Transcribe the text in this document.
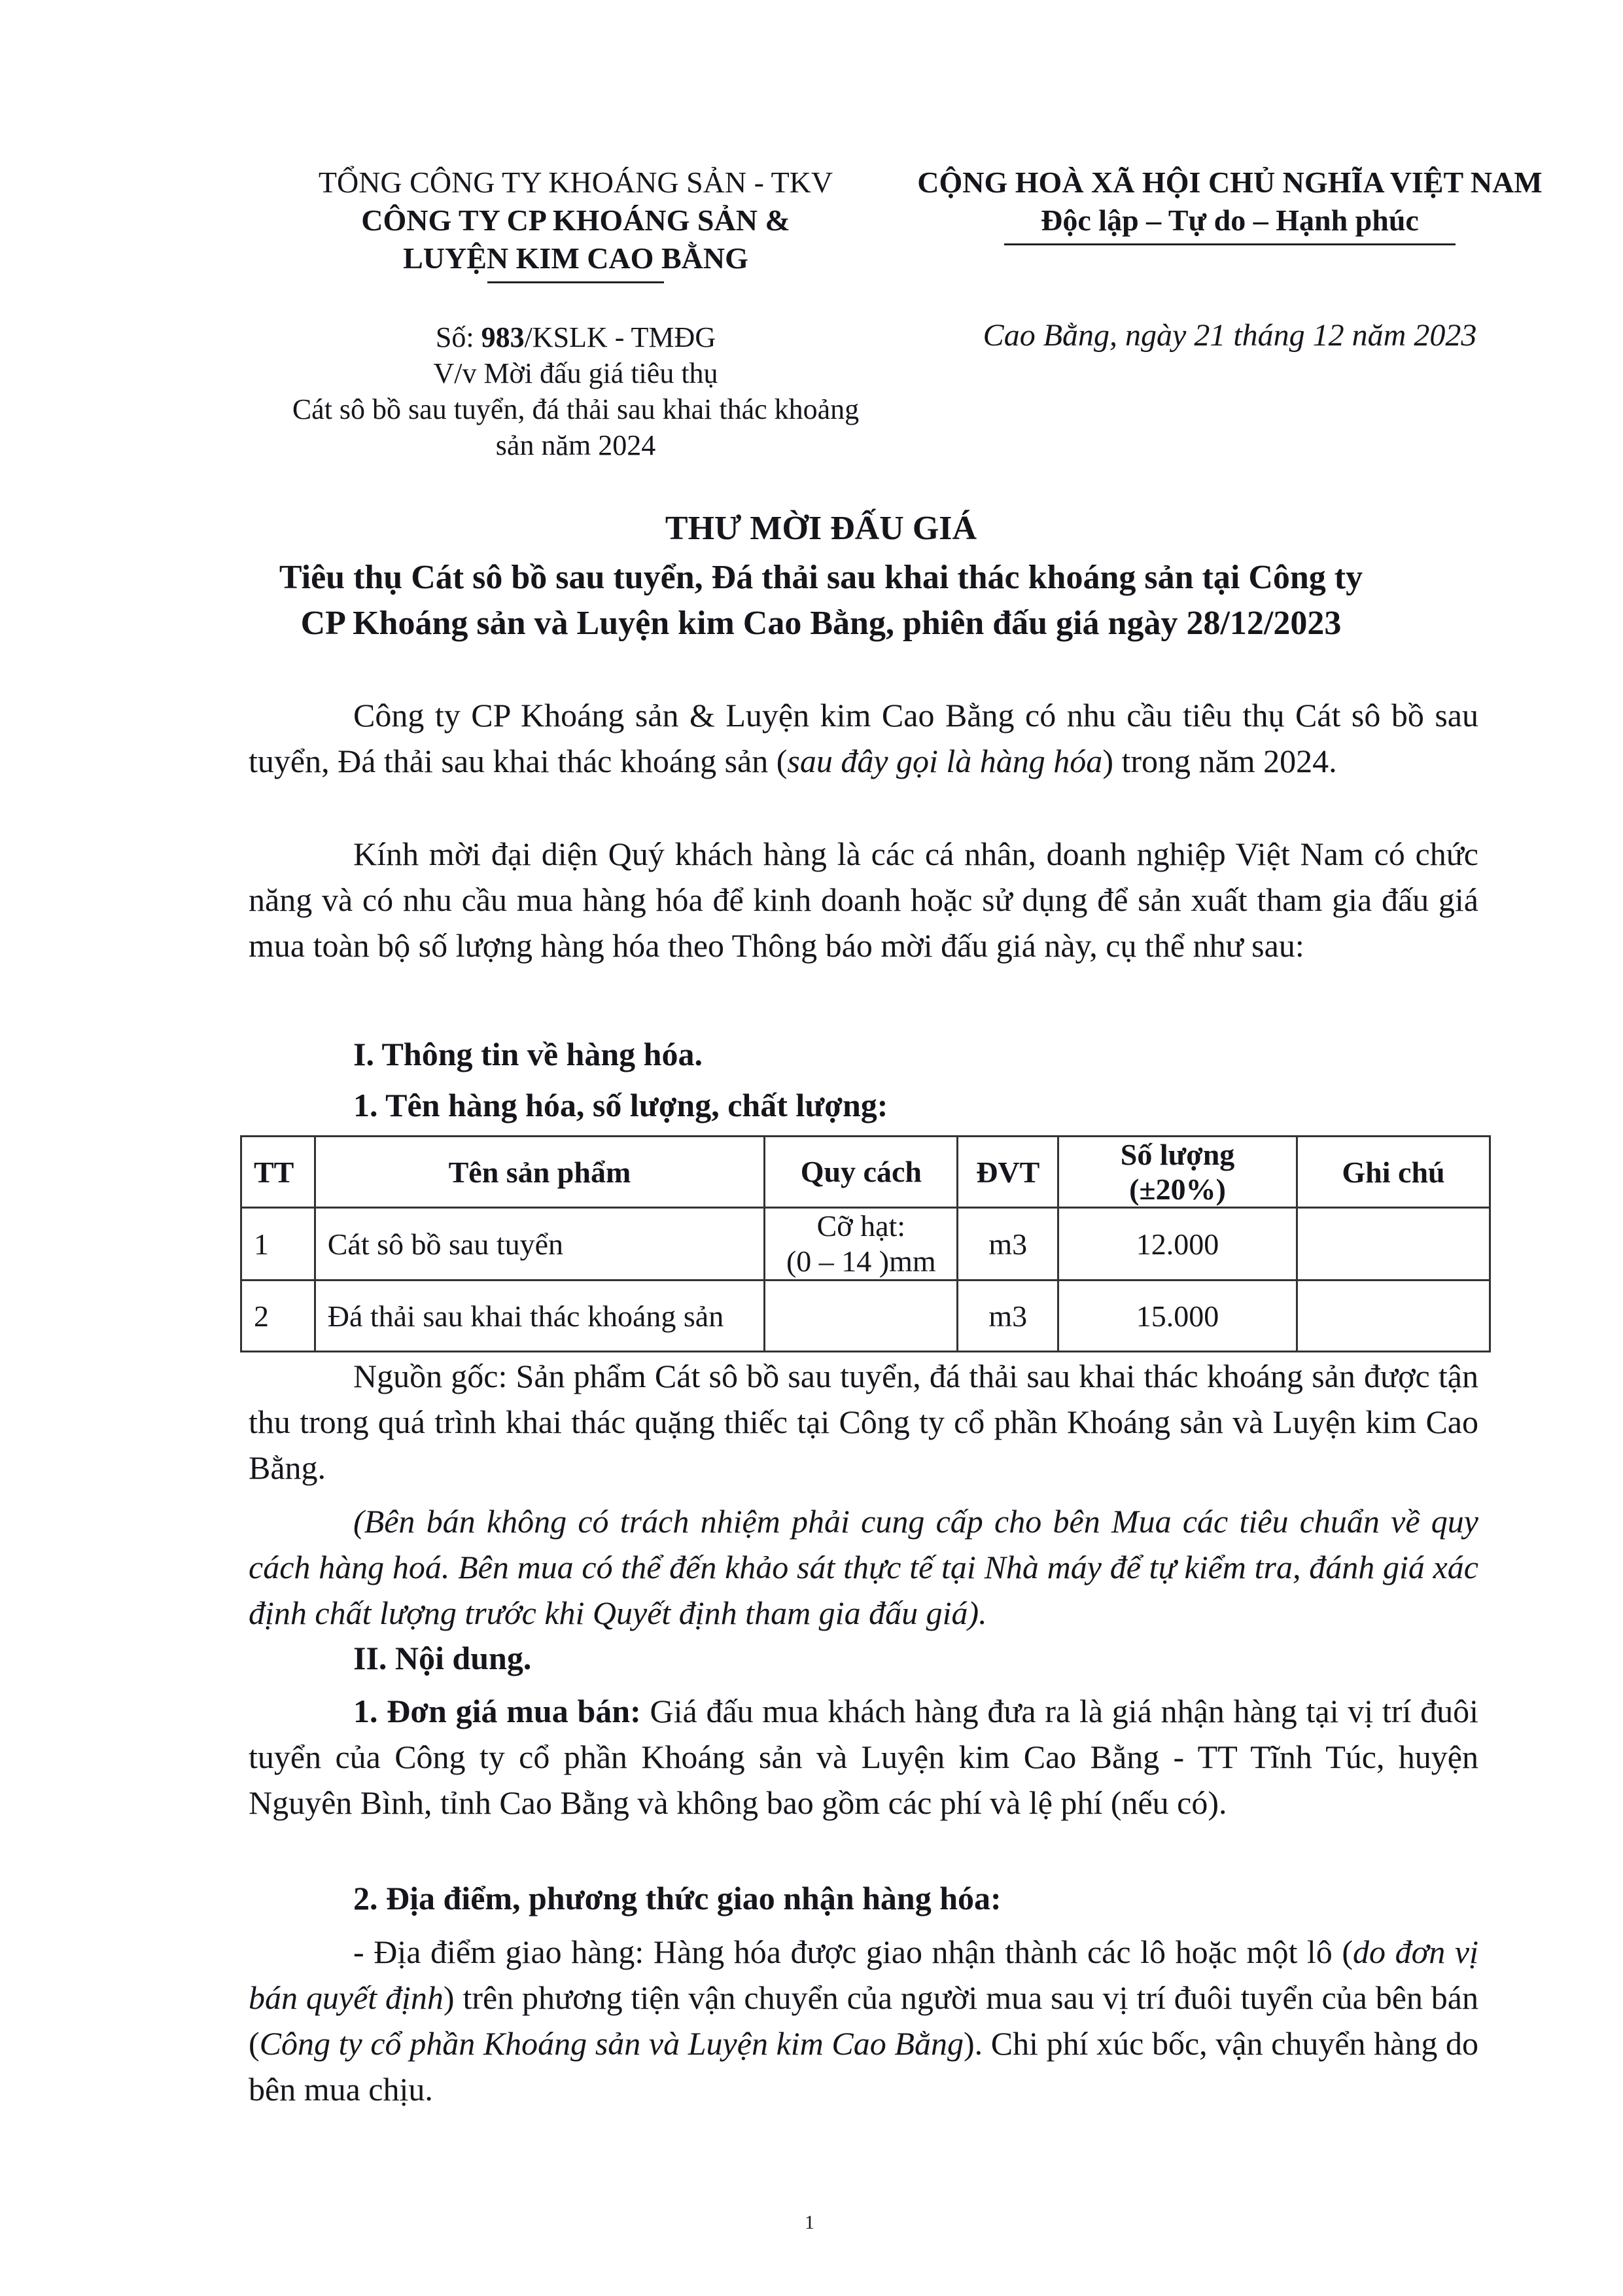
TỔNG CÔNG TY KHOÁNG SẢN - TKV
CÔNG TY CP KHOÁNG SẢN &
LUYỆN KIM CAO BẰNG
CỘNG HOÀ XÃ HỘI CHỦ NGHĨA VIỆT NAM
Độc lập – Tự do – Hạnh phúc
Số: 983/KSLK - TMĐG
V/v Mời đấu giá tiêu thụ
Cát sô bồ sau tuyển, đá thải sau khai thác khoảng
sản năm 2024
Cao Bằng, ngày 21 tháng 12 năm 2023
THƯ MỜI ĐẤU GIÁ
Tiêu thụ Cát sô bồ sau tuyển, Đá thải sau khai thác khoáng sản tại Công ty
CP Khoáng sản và Luyện kim Cao Bằng, phiên đấu giá ngày 28/12/2023
Công ty CP Khoáng sản & Luyện kim Cao Bằng có nhu cầu tiêu thụ Cát sô bồ sau tuyển, Đá thải sau khai thác khoáng sản (sau đây gọi là hàng hóa) trong năm 2024.
Kính mời đại diện Quý khách hàng là các cá nhân, doanh nghiệp Việt Nam có chức năng và có nhu cầu mua hàng hóa để kinh doanh hoặc sử dụng để sản xuất tham gia đấu giá mua toàn bộ số lượng hàng hóa theo Thông báo mời đấu giá này, cụ thể như sau:
I. Thông tin về hàng hóa.
1. Tên hàng hóa, số lượng, chất lượng:
TT	Tên sản phẩm	Quy cách	ĐVT	Số lượng (±20%)	Ghi chú
1	Cát sô bồ sau tuyển	Cỡ hạt:
(0 – 14 )mm	m3	12.000	
2	Đá thải sau khai thác khoáng sản		m3	15.000	
Nguồn gốc: Sản phẩm Cát sô bồ sau tuyển, đá thải sau khai thác khoáng sản được tận thu trong quá trình khai thác quặng thiếc tại Công ty cổ phần Khoáng sản và Luyện kim Cao Bằng.
(Bên bán không có trách nhiệm phải cung cấp cho bên Mua các tiêu chuẩn về quy cách hàng hoá. Bên mua có thể đến khảo sát thực tế tại Nhà máy để tự kiểm tra, đánh giá xác định chất lượng trước khi Quyết định tham gia đấu giá).
II. Nội dung.
1. Đơn giá mua bán: Giá đấu mua khách hàng đưa ra là giá nhận hàng tại vị trí đuôi tuyển của Công ty cổ phần Khoáng sản và Luyện kim Cao Bằng - TT Tĩnh Túc, huyện Nguyên Bình, tỉnh Cao Bằng và không bao gồm các phí và lệ phí (nếu có).
2. Địa điểm, phương thức giao nhận hàng hóa:
- Địa điểm giao hàng: Hàng hóa được giao nhận thành các lô hoặc một lô (do đơn vị bán quyết định) trên phương tiện vận chuyển của người mua sau vị trí đuôi tuyển của bên bán (Công ty cổ phần Khoáng sản và Luyện kim Cao Bằng). Chi phí xúc bốc, vận chuyển hàng do bên mua chịu.
1
